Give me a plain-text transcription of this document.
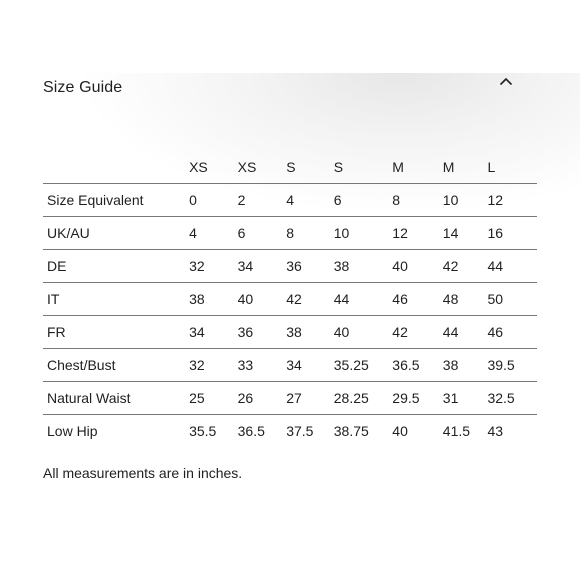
Size Guide
	XS	XS	S	S	M	M	L
Size Equivalent	0	2	4	6	8	10	12
UK/AU	4	6	8	10	12	14	16
DE	32	34	36	38	40	42	44
IT	38	40	42	44	46	48	50
FR	34	36	38	40	42	44	46
Chest/Bust	32	33	34	35.25	36.5	38	39.5
Natural Waist	25	26	27	28.25	29.5	31	32.5
Low Hip	35.5	36.5	37.5	38.75	40	41.5	43
All measurements are in inches.
